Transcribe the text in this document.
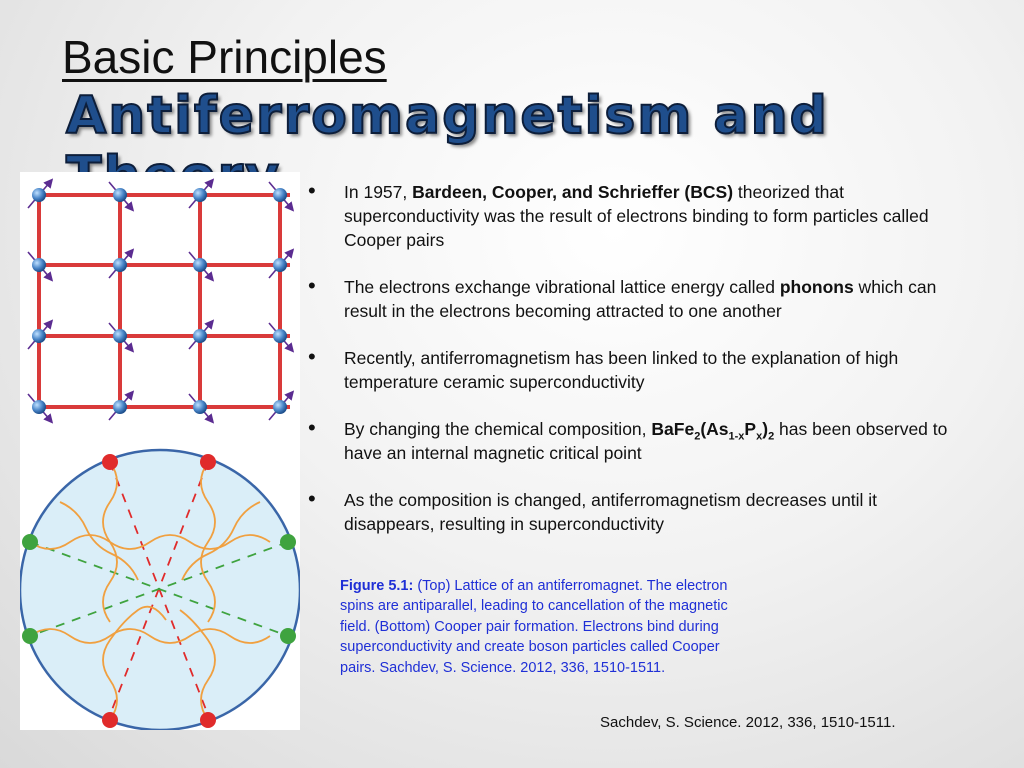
Basic Principles
Antiferromagnetism and
• In 1957, Bardeen, Cooper, and Schrieffer (BCS) theorized that superconductivity was the result of electrons binding to form particles called Cooper pairs
• The electrons exchange vibrational lattice energy called phonons which can result in the electrons becoming attracted to one another
• Recently, antiferromagnetism has been linked to the explanation of high temperature ceramic superconductivity
• By changing the chemical composition, $BaFe_2(As_{1-x}P_x)_2$ has been observed to have an internal magnetic critical point
• As the composition is changed, antiferromagnetism decreases until it disappears, resulting in superconductivity
Figure 5.1: (Top) Lattice of an antiferromagnet. The electron spins are antiparallel, leading to cancellation of the magnetic field. (Bottom) Cooper pair formation. Electrons bind during superconductivity and create boson particles called Cooper pairs. Sachdev, S. Science. 2012, 336, 1510-1511.
Sachdev, S. Science. 2012, 336, 1510-1511.
